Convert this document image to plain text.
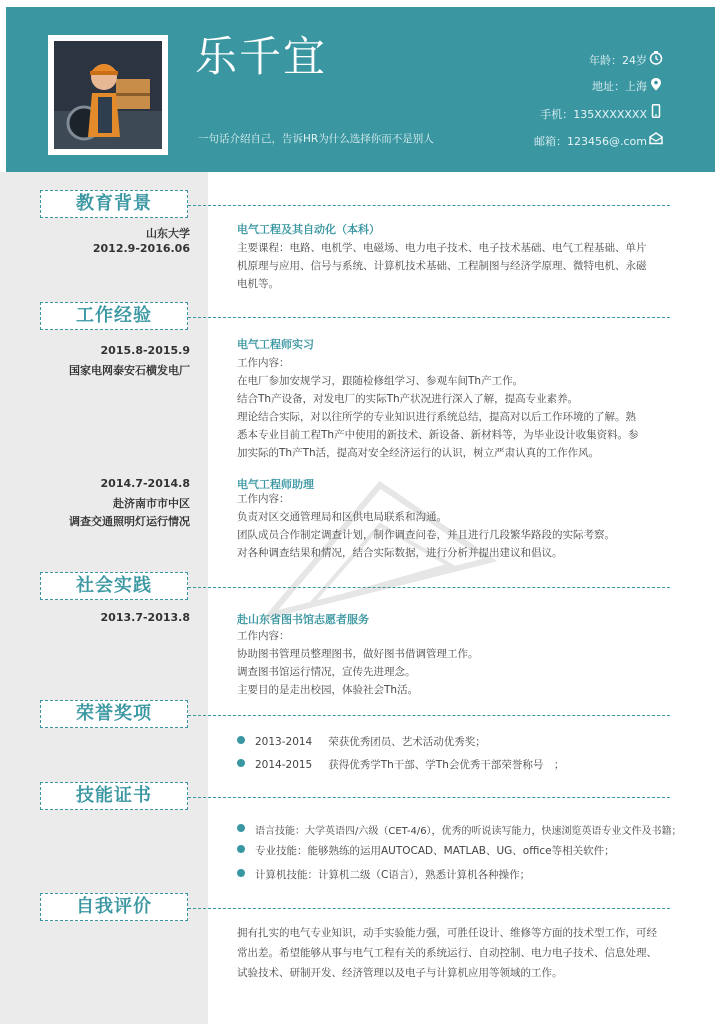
乐千宜
一句话介绍自己，告诉HR为什么选择你而不是别人
年龄：24岁
地址：上海
手机：135XXXXXXX
邮箱：123456@.com
教育背景
山东大学
2012.9-2016.06
电气工程及其自动化（本科）

主要课程：电路、电机学、电磁场、电力电子技术、电子技术基础、电气工程基础、单片

机原理与应用、信号与系统、计算机技术基础、工程制图与经济学原理、微特电机、永磁

电机等。

工作经验
2015.8-2015.9
国家电网泰安石横发电厂
电气工程师实习

工作内容：

在电厂参加安规学习，跟随检修组学习、参观车间Th产工作。

结合Th产设备，对发电厂的实际Th产状况进行深入了解，提高专业素养。

理论结合实际，对以往所学的专业知识进行系统总结，提高对以后工作环境的了解。熟

悉本专业目前工程Th产中使用的新技术、新设备、新材料等，为毕业设计收集资料。参

加实际的Th产Th活，提高对安全经济运行的认识，树立严肃认真的工作作风。

2014.7-2014.8
赴济南市市中区
调查交通照明灯运行情况
电气工程师助理

工作内容：

负责对区交通管理局和区供电局联系和沟通。

团队成员合作制定调查计划，制作调查问卷，并且进行几段繁华路段的实际考察。

对各种调查结果和情况，结合实际数据，进行分析并提出建议和倡议。

社会实践
2013.7-2013.8	赴山东省图书馆志愿者服务

工作内容：

协助图书管理员整理图书，做好图书借调管理工作。

调查图书馆运行情况，宣传先进理念。

主要目的是走出校园，体验社会Th活。

荣誉奖项
2013-2014 荣获优秀团员、艺术活动优秀奖；
2014-2015 获得优秀学Th干部、学Th会优秀干部荣誉称号　；
技能证书
语言技能：大学英语四/六级（CET-4/6），优秀的听说读写能力，快速浏览英语专业文件及书籍；
专业技能：能够熟练的运用AUTOCAD、MATLAB、UG、office等相关软件；
计算机技能：计算机二级（C语言），熟悉计算机各种操作；
自我评价

拥有扎实的电气专业知识，动手实验能力强，可胜任设计、维修等方面的技术型工作，可经

常出差。希望能够从事与电气工程有关的系统运行、自动控制、电力电子技术、信息处理、

试验技术、研制开发、经济管理以及电子与计算机应用等领域的工作。
